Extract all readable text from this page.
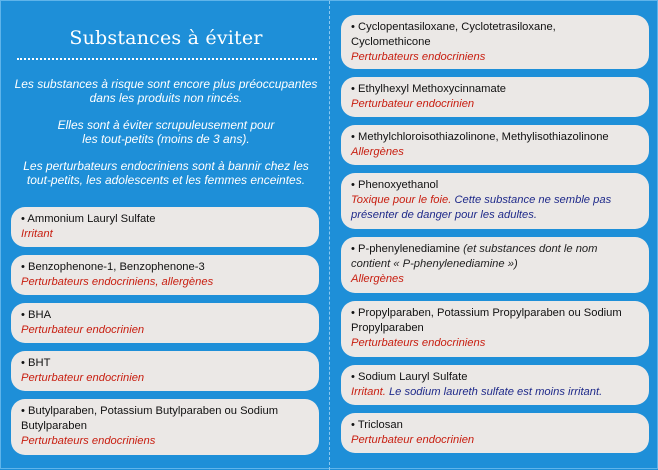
Substances à éviter
Les substances à risque sont encore plus préoccupantes dans les produits non rincés.
Elles sont à éviter scrupuleusement pour les tout-petits (moins de 3 ans).
Les perturbateurs endocriniens sont à bannir chez les tout-petits, les adolescents et les femmes enceintes.
• Ammonium Lauryl Sulfate
Irritant
• Benzophenone-1, Benzophenone-3
Perturbateurs endocriniens, allergènes
• BHA
Perturbateur endocrinien
• BHT
Perturbateur endocrinien
• Butylparaben, Potassium Butylparaben ou Sodium Butylparaben
Perturbateurs endocriniens
• Cyclopentasiloxane, Cyclotetrasiloxane, Cyclomethicone
Perturbateurs endocriniens
• Ethylhexyl Methoxycinnamate
Perturbateur endocrinien
• Methylchloroisothiazolinone, Methylisothiazolinone
Allergènes
• Phenoxyethanol
Toxique pour le foie. Cette substance ne semble pas présenter de danger pour les adultes.
• P-phenylenediamine (et substances dont le nom contient « P-phenylenediamine »)
Allergènes
• Propylparaben, Potassium Propylparaben ou Sodium Propylparaben
Perturbateurs endocriniens
• Sodium Lauryl Sulfate
Irritant. Le sodium laureth sulfate est moins irritant.
• Triclosan
Perturbateur endocrinien
